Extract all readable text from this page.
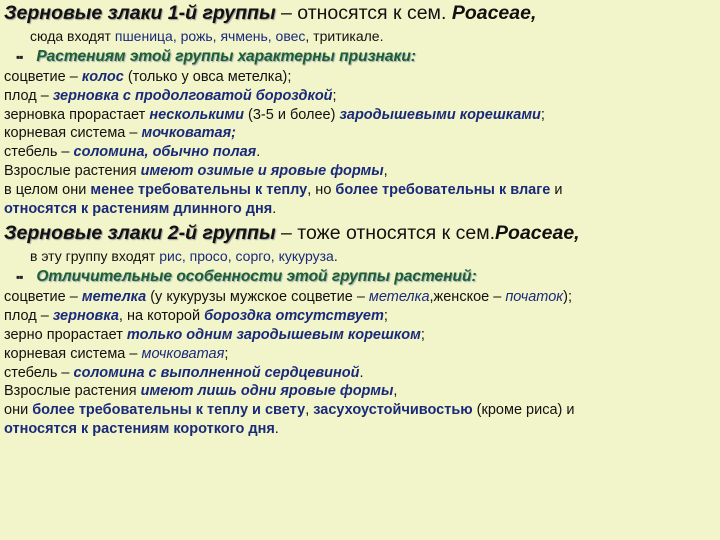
Зерновые злаки 1-й группы – относятся к сем. Poaceae,
сюда входят пшеница, рожь, ячмень, овес, тритикале.
▪▪ Растениям этой группы характерны признаки:
соцветие – колос (только у овса метелка);
плод – зерновка с продолговатой бороздкой;
зерновка прорастает несколькими (3-5 и более) зародышевыми корешками;
корневая система – мочковатая;
стебель – соломина, обычно полая.
Взрослые растения имеют озимые и яровые формы,
в целом они менее требовательны к теплу, но более требовательны к влаге и
относятся к растениям длинного дня.
Зерновые злаки 2-й группы – тоже относятся к сем.Poaceae,
в эту группу входят рис, просо, сорго, кукуруза.
▪▪ Отличительные особенности этой группы растений:
соцветие – метелка (у кукурузы мужское соцветие – метелка,женское – початок);
плод – зерновка, на которой бороздка отсутствует;
зерно прорастает только одним зародышевым корешком;
корневая система – мочковатая;
стебель – соломина с выполненной сердцевиной.
Взрослые растения имеют лишь одни яровые формы,
они более требовательны к теплу и свету, засухоустойчивостью (кроме риса) и
относятся к растениям короткого дня.
